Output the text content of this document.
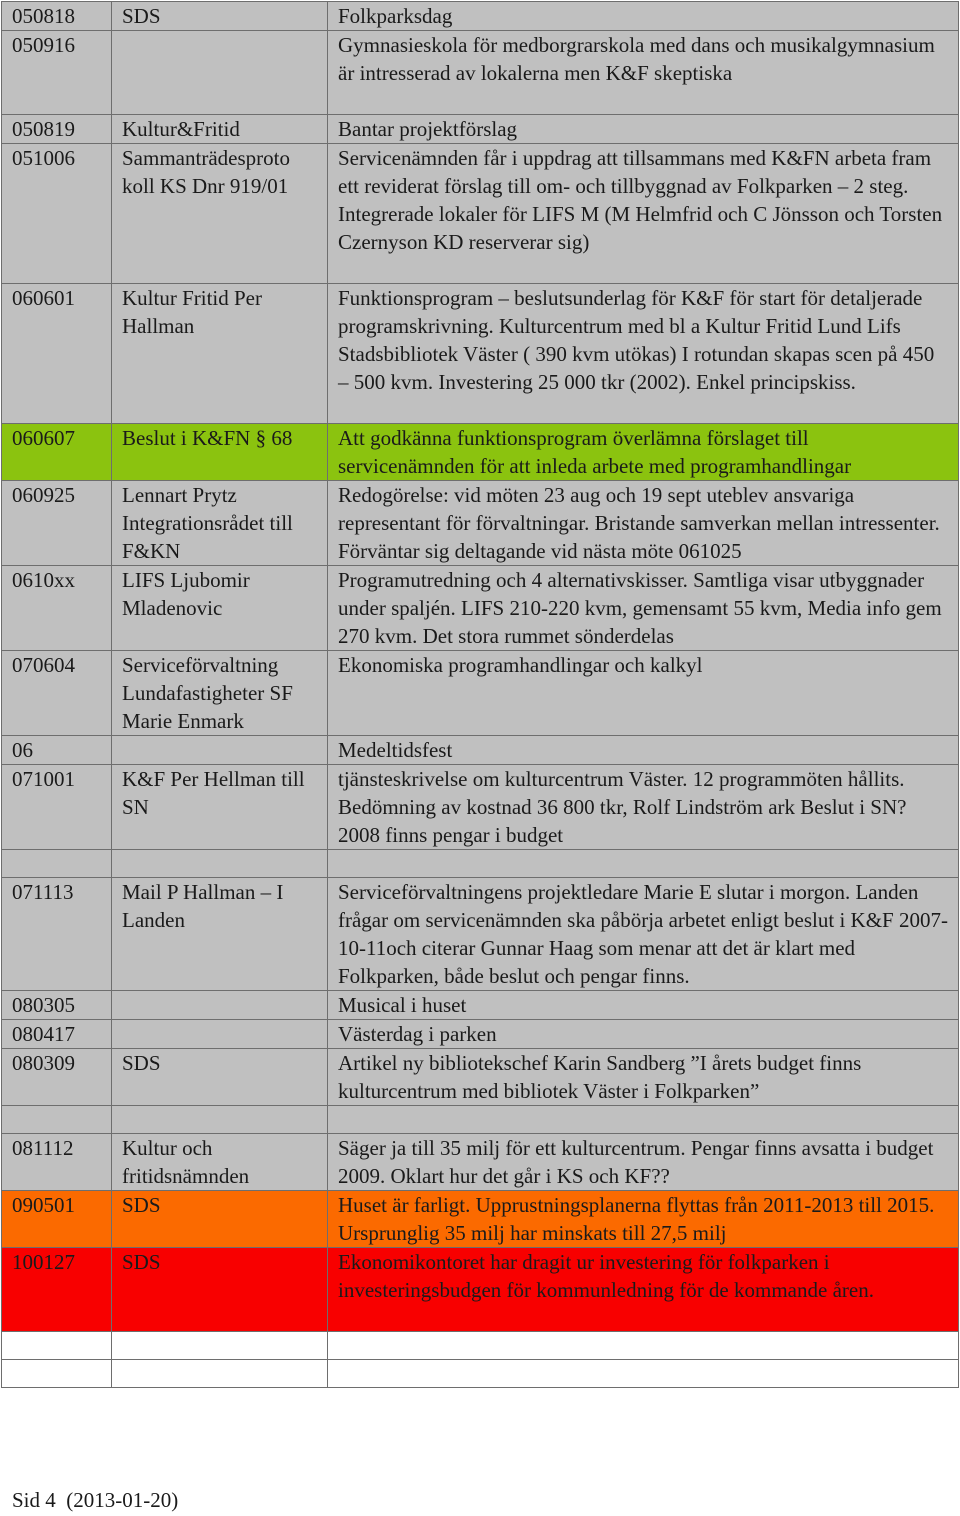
050818	SDS	Folkparksdag
050916		Gymnasieskola för medborgrarskola med dans och musikalgymnasium är intresserad av lokalerna men K&F skeptiska
050819	Kultur&Fritid	Bantar projektförslag
051006	Sammanträdesproto koll KS Dnr 919/01	Servicenämnden får i uppdrag att tillsammans med K&FN arbeta fram ett reviderat förslag till om- och tillbyggnad av Folkparken – 2 steg. Integrerade lokaler för LIFS M (M Helmfrid och C Jönsson och Torsten Czernyson KD reserverar sig)
060601	Kultur Fritid Per Hallman	Funktionsprogram – beslutsunderlag för K&F för start för detaljerade programskrivning. Kulturcentrum med bl a Kultur Fritid Lund Lifs Stadsbibliotek Väster ( 390 kvm utökas) I rotundan skapas scen på 450 – 500 kvm. Investering 25 000 tkr (2002). Enkel principskiss.
060607	Beslut i K&FN § 68	Att godkänna funktionsprogram överlämna förslaget till servicenämnden för att inleda arbete med programhandlingar
060925	Lennart Prytz Integrationsrådet till F&KN	Redogörelse: vid möten 23 aug och 19 sept uteblev ansvariga representant för förvaltningar. Bristande samverkan mellan intressenter. Förväntar sig deltagande vid nästa möte 061025
0610xx	LIFS Ljubomir Mladenovic	Programutredning och 4 alternativskisser. Samtliga visar utbyggnader under spaljén. LIFS 210-220 kvm, gemensamt 55 kvm, Media info gem 270 kvm. Det stora rummet sönderdelas
070604	Serviceförvaltning Lundafastigheter SF Marie Enmark	Ekonomiska programhandlingar och kalkyl
06		Medeltidsfest
071001	K&F Per Hellman till SN	tjänsteskrivelse om kulturcentrum Väster. 12 programmöten hållits. Bedömning av kostnad 36 800 tkr, Rolf Lindström ark Beslut i SN? 2008 finns pengar i budget

071113	Mail P Hallman – I Landen	Serviceförvaltningens projektledare Marie E slutar i morgon. Landen frågar om servicenämnden ska påbörja arbetet enligt beslut i K&F 2007-10-11och citerar Gunnar Haag som menar att det är klart med Folkparken, både beslut och pengar finns.
080305		Musical i huset
080417		Västerdag i parken
080309	SDS	Artikel ny bibliotekschef Karin Sandberg ”I årets budget finns kulturcentrum med bibliotek Väster i Folkparken”

081112	Kultur och fritidsnämnden	Säger ja till 35 milj för ett kulturcentrum. Pengar finns avsatta i budget 2009. Oklart hur det går i KS och KF??
090501	SDS	Huset är farligt. Upprustningsplanerna flyttas från 2011-2013 till 2015. Ursprunglig 35 milj har minskats till 27,5 milj
100127	SDS	Ekonomikontoret har dragit ur investering för folkparken i investeringsbudgen för kommunledning för de kommande åren.

Sid 4 (2013-01-20)
